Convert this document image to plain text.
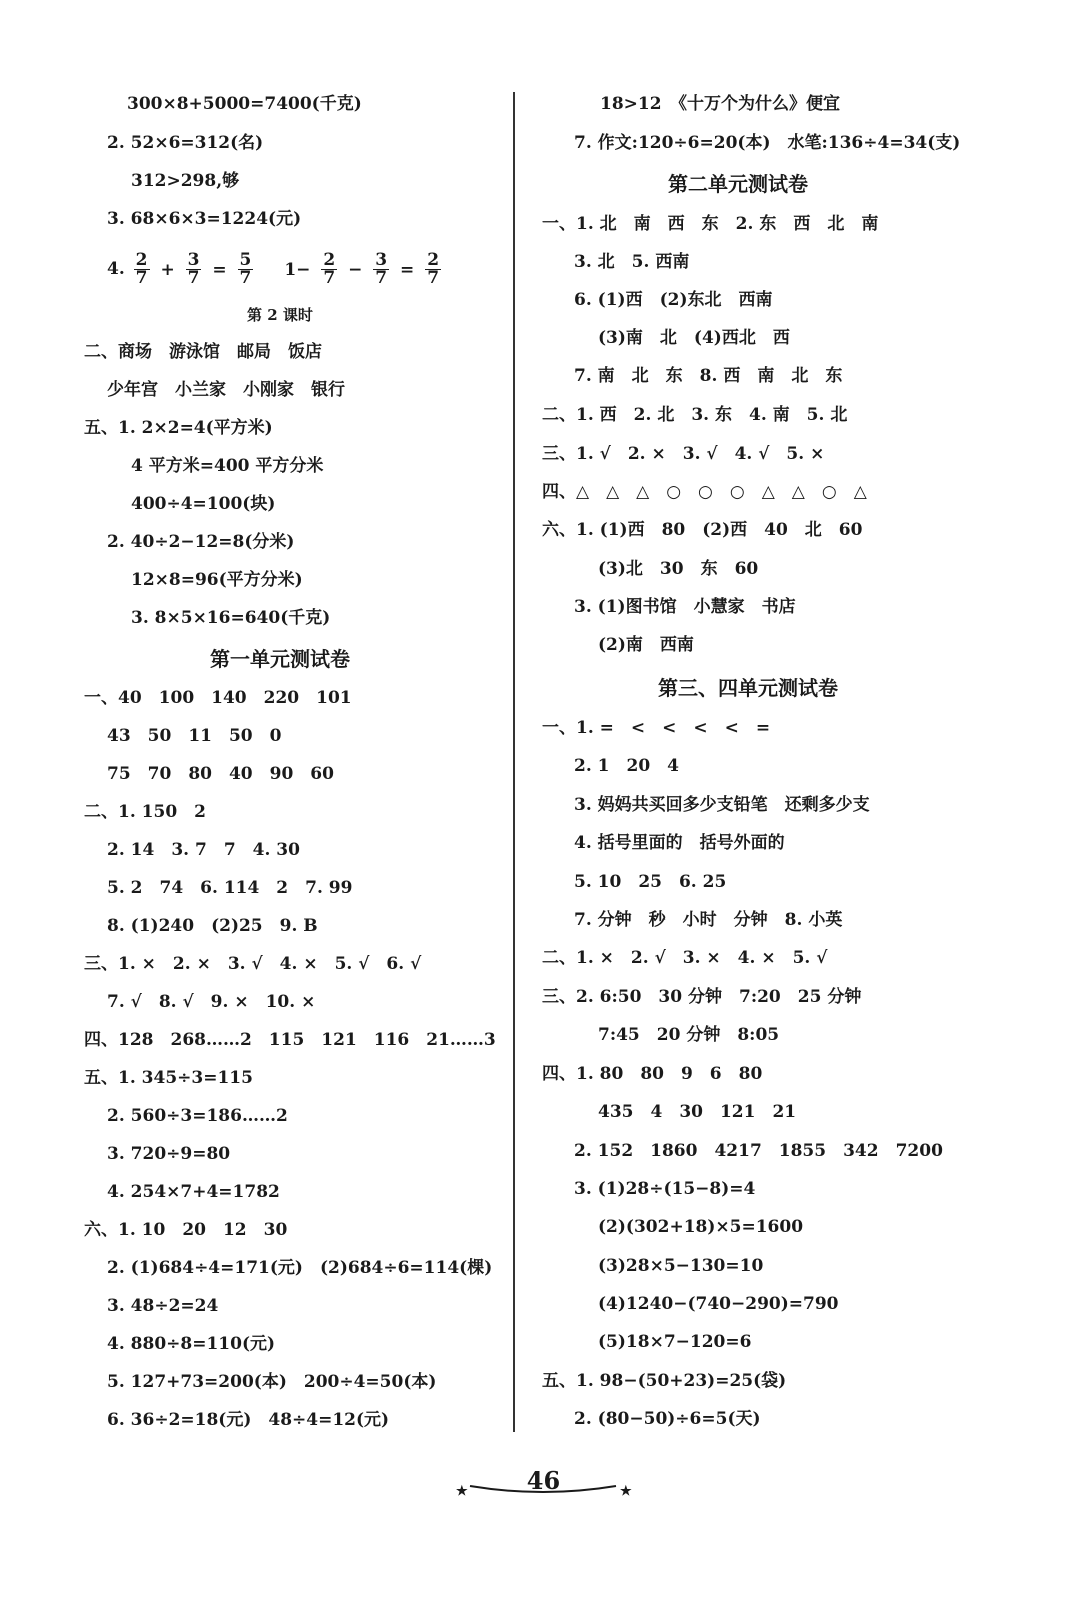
300×8+5000=7400(千克)
2. 52×6=312(名)
312>298,够
3. 68×6×3=1224(元)
4. $\frac{2}{7} + \frac{3}{7} = \frac{5}{7} 1- \frac{2}{7} - \frac{3}{7} = \frac{2}{7}$
第 2 课时
二、商场　游泳馆　邮局　饭店
少年宫　小兰家　小刚家　银行
五、1. 2×2=4(平方米)
4 平方米=400 平方分米
400÷4=100(块)
2. 40÷2−12=8(分米)
12×8=96(平方分米)
3. 8×5×16=640(千克)
第一单元测试卷
一、40　100　140　220　101
43　50　11　50　0
75　70　80　40　90　60
二、1. 150　2
2. 14　3. 7　7　4. 30
5. 2　74　6. 114　2　7. 99
8. (1)240　(2)25　9. B
三、1. ×　2. ×　3. √　4. ×　5. √　6. √
7. √　8. √　9. ×　10. ×
四、128　268……2　115　121　116　21……3
五、1. 345÷3=115
2. 560÷3=186……2
3. 720÷9=80
4. 254×7+4=1782
六、1. 10　20　12　30
2. (1)684÷4=171(元)　(2)684÷6=114(棵)
3. 48÷2=24
4. 880÷8=110(元)
5. 127+73=200(本)　200÷4=50(本)
6. 36÷2=18(元)　48÷4=12(元)
18>12　《十万个为什么》便宜
7. 作文:120÷6=20(本)　水笔:136÷4=34(支)
第二单元测试卷
一、1. 北　南　西　东　2. 东　西　北　南
3. 北　5. 西南
6. (1)西　(2)东北　西南
(3)南　北　(4)西北　西
7. 南　北　东　8. 西　南　北　东
二、1. 西　2. 北　3. 东　4. 南　5. 北
三、1. √　2. ×　3. √　4. √　5. ×
四、△　△　△　○　○　○　△　△　○　△
六、1. (1)西　80　(2)西　40　北　60
(3)北　30　东　60
3. (1)图书馆　小慧家　书店
(2)南　西南
第三、四单元测试卷
一、1. =　<　<　<　<　=
2. 1　20　4
3. 妈妈共买回多少支铅笔　还剩多少支
4. 括号里面的　括号外面的
5. 10　25　6. 25
7. 分钟　秒　小时　分钟　8. 小英
二、1. ×　2. √　3. ×　4. ×　5. √
三、2. 6:50　30 分钟　7:20　25 分钟
7:45　20 分钟　8:05
四、1. 80　80　9　6　80
435　4　30　121　21
2. 152　1860　4217　1855　342　7200
3. (1)28÷(15−8)=4
(2)(302+18)×5=1600
(3)28×5−130=10
(4)1240−(740−290)=790
(5)18×7−120=6
五、1. 98−(50+23)=25(袋)
2. (80−50)÷6=5(天)
46
★	★
